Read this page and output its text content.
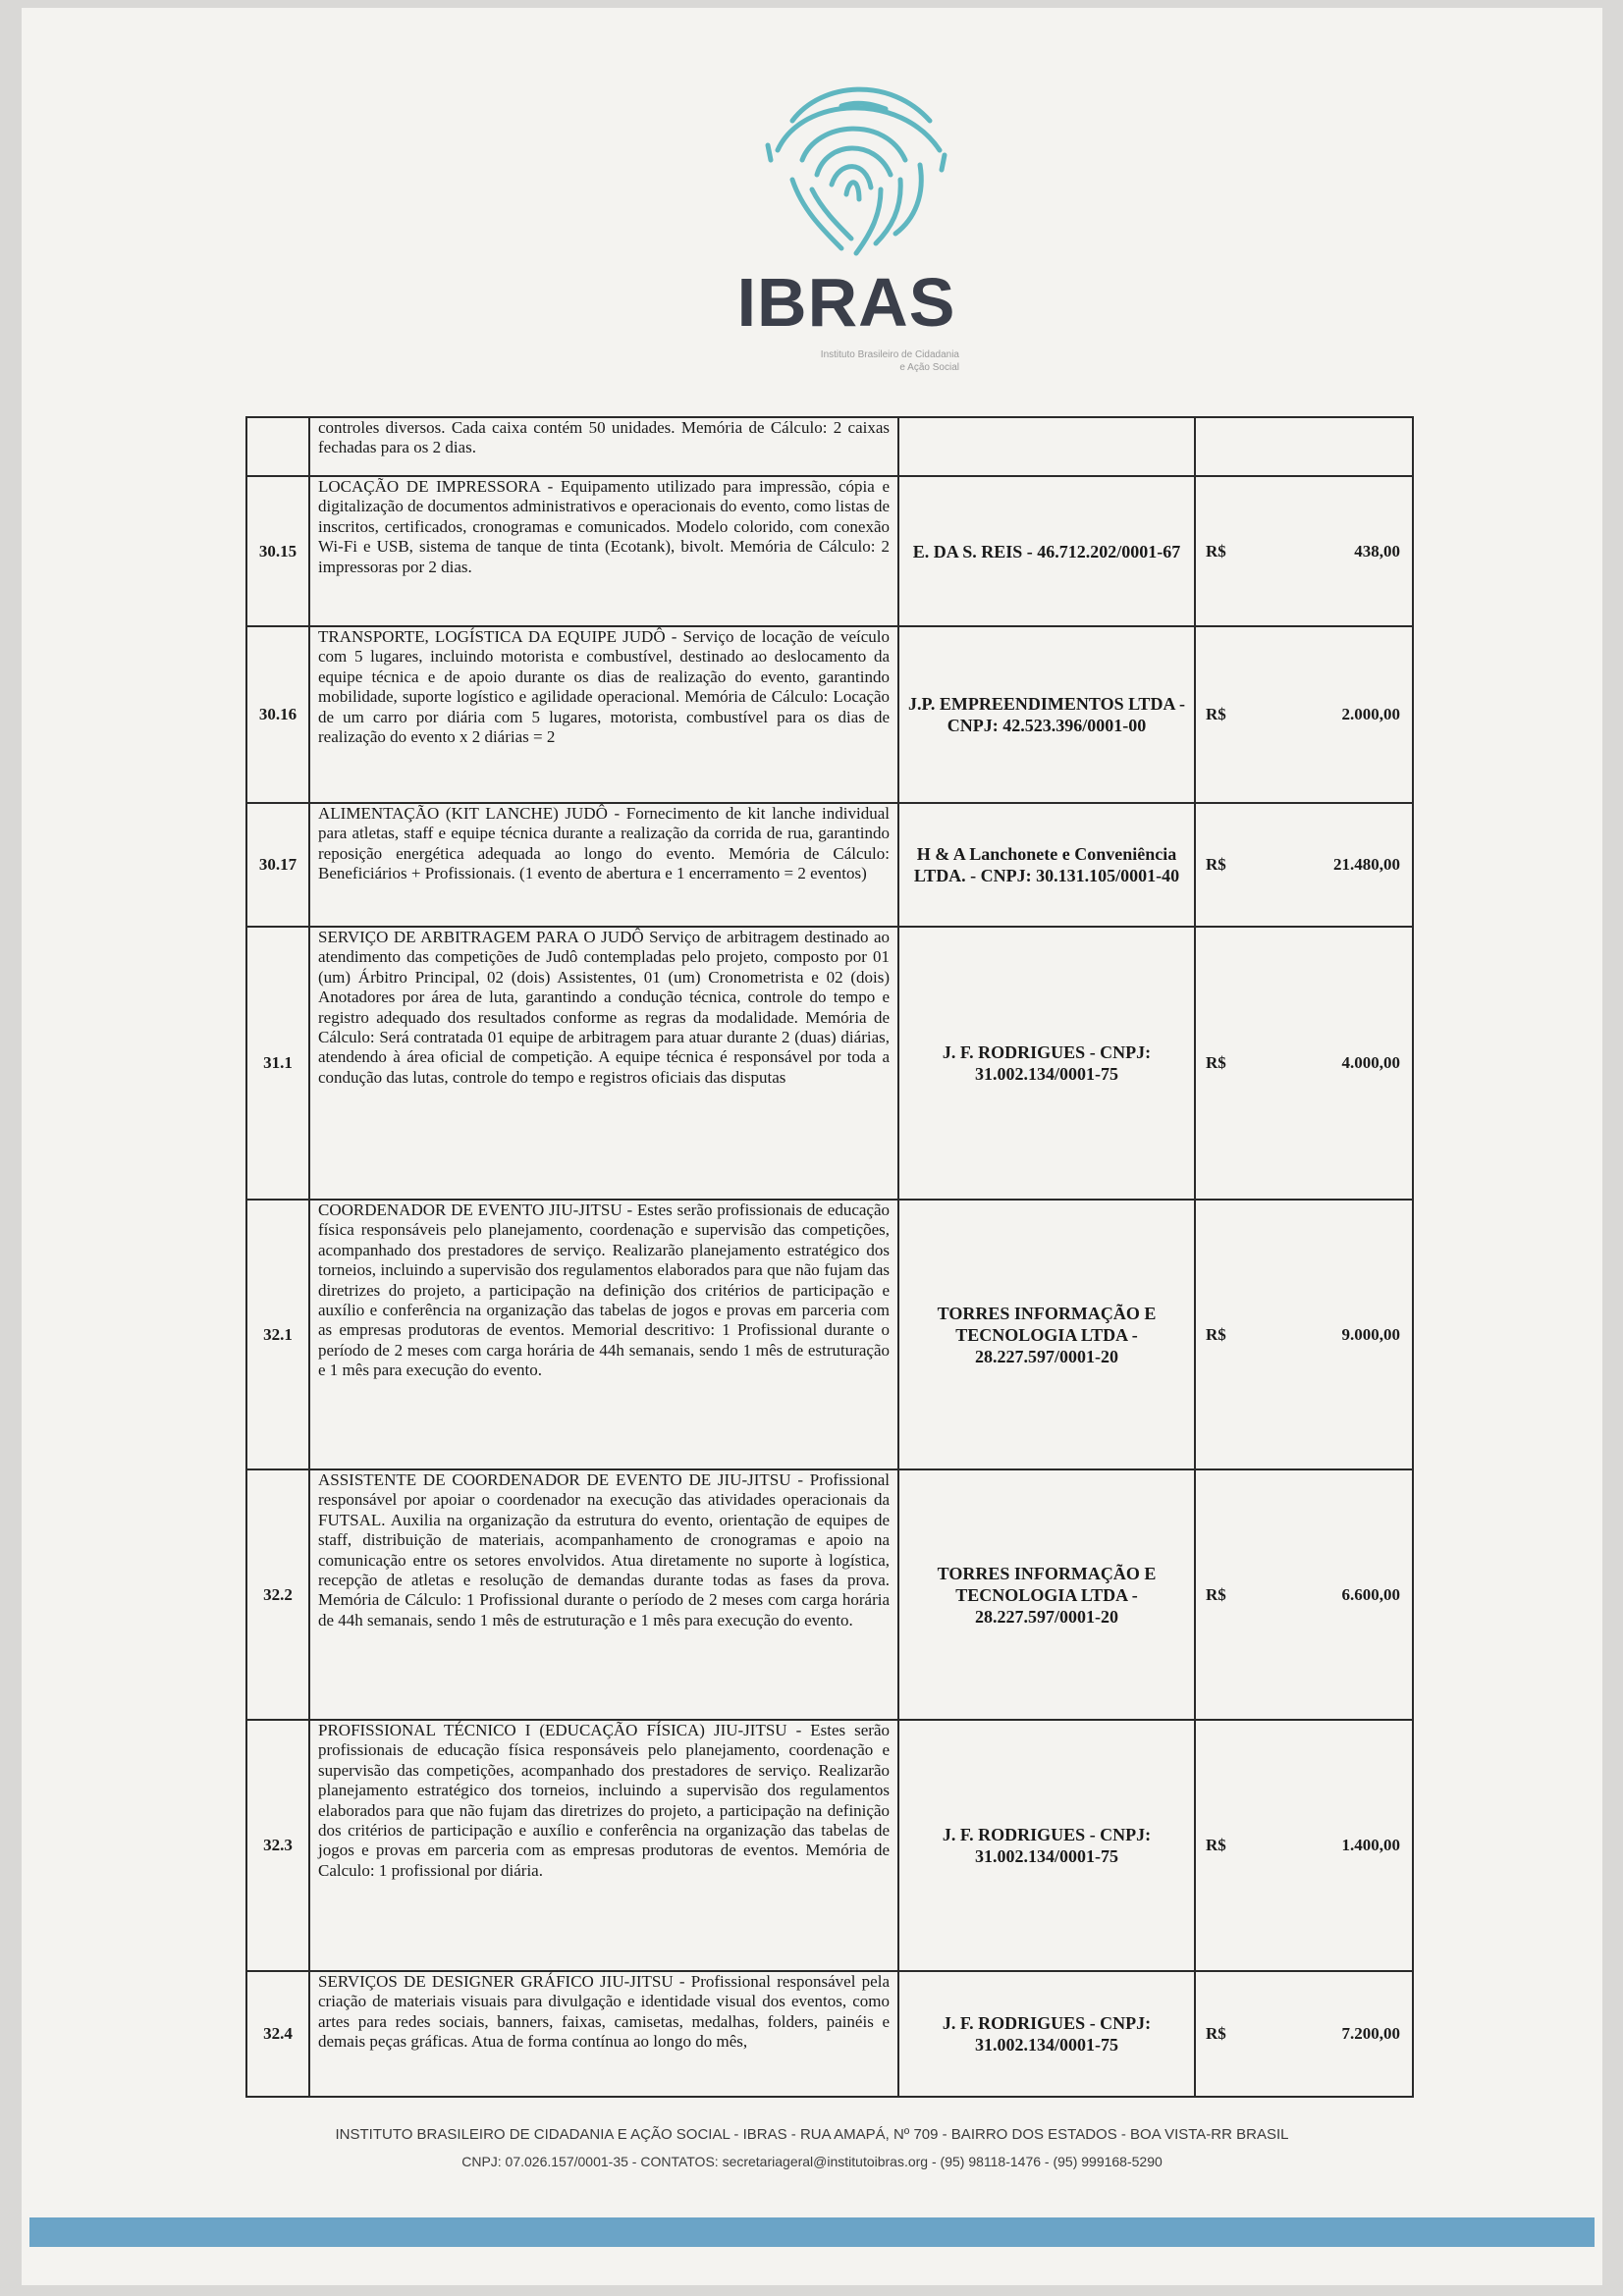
IBRAS
Instituto Brasileiro de Cidadania
e Ação Social
	controles diversos. Cada caixa contém 50 unidades. Memória de Cálculo: 2 caixas fechadas para os 2 dias.		

30.15	LOCAÇÃO DE IMPRESSORA - Equipamento utilizado para impressão, cópia e digitalização de documentos administrativos e operacionais do evento, como listas de inscritos, certificados, cronogramas e comunicados. Modelo colorido, com conexão Wi-Fi e USB, sistema de tanque de tinta (Ecotank), bivolt. Memória de Cálculo: 2 impressoras por 2 dias.	E. DA S. REIS - 46.712.202/0001-67	R$ 438,00

30.16	TRANSPORTE, LOGÍSTICA DA EQUIPE JUDÔ - Serviço de locação de veículo com 5 lugares, incluindo motorista e combustível, destinado ao deslocamento da equipe técnica e de apoio durante os dias de realização do evento, garantindo mobilidade, suporte logístico e agilidade operacional. Memória de Cálculo: Locação de um carro por diária com 5 lugares, motorista, combustível para os dias de realização do evento x 2 diárias = 2	J.P. EMPREENDIMENTOS LTDA - CNPJ: 42.523.396/0001-00	R$ 2.000,00

30.17	ALIMENTAÇÃO (KIT LANCHE) JUDÔ - Fornecimento de kit lanche individual para atletas, staff e equipe técnica durante a realização da corrida de rua, garantindo reposição energética adequada ao longo do evento. Memória de Cálculo: Beneficiários + Profissionais. (1 evento de abertura e 1 encerramento = 2 eventos)	H & A Lanchonete e Conveniência LTDA. - CNPJ: 30.131.105/0001-40	R$ 21.480,00

31.1	SERVIÇO DE ARBITRAGEM PARA O JUDÔ Serviço de arbitragem destinado ao atendimento das competições de Judô contempladas pelo projeto, composto por 01 (um) Árbitro Principal, 02 (dois) Assistentes, 01 (um) Cronometrista e 02 (dois) Anotadores por área de luta, garantindo a condução técnica, controle do tempo e registro adequado dos resultados conforme as regras da modalidade. Memória de Cálculo: Será contratada 01 equipe de arbitragem para atuar durante 2 (duas) diárias, atendendo à área oficial de competição. A equipe técnica é responsável por toda a condução das lutas, controle do tempo e registros oficiais das disputas	J. F. RODRIGUES - CNPJ: 31.002.134/0001-75	R$ 4.000,00

32.1	COORDENADOR DE EVENTO JIU-JITSU - Estes serão profissionais de educação física responsáveis pelo planejamento, coordenação e supervisão das competições, acompanhado dos prestadores de serviço. Realizarão planejamento estratégico dos torneios, incluindo a supervisão dos regulamentos elaborados para que não fujam das diretrizes do projeto, a participação na definição dos critérios de participação e auxílio e conferência na organização das tabelas de jogos e provas em parceria com as empresas produtoras de eventos. Memorial descritivo: 1 Profissional durante o período de 2 meses com carga horária de 44h semanais, sendo 1 mês de estruturação e 1 mês para execução do evento.	TORRES INFORMAÇÃO E TECNOLOGIA LTDA - 28.227.597/0001-20	R$ 9.000,00

32.2	ASSISTENTE DE COORDENADOR DE EVENTO DE JIU-JITSU - Profissional responsável por apoiar o coordenador na execução das atividades operacionais da FUTSAL. Auxilia na organização da estrutura do evento, orientação de equipes de staff, distribuição de materiais, acompanhamento de cronogramas e apoio na comunicação entre os setores envolvidos. Atua diretamente no suporte à logística, recepção de atletas e resolução de demandas durante todas as fases da prova. Memória de Cálculo: 1 Profissional durante o período de 2 meses com carga horária de 44h semanais, sendo 1 mês de estruturação e 1 mês para execução do evento.	TORRES INFORMAÇÃO E TECNOLOGIA LTDA - 28.227.597/0001-20	R$ 6.600,00

32.3	PROFISSIONAL TÉCNICO I (EDUCAÇÃO FÍSICA) JIU-JITSU - Estes serão profissionais de educação física responsáveis pelo planejamento, coordenação e supervisão das competições, acompanhado dos prestadores de serviço. Realizarão planejamento estratégico dos torneios, incluindo a supervisão dos regulamentos elaborados para que não fujam das diretrizes do projeto, a participação na definição dos critérios de participação e auxílio e conferência na organização das tabelas de jogos e provas em parceria com as empresas produtoras de eventos. Memória de Calculo: 1 profissional por diária.	J. F. RODRIGUES - CNPJ: 31.002.134/0001-75	R$ 1.400,00

32.4	SERVIÇOS DE DESIGNER GRÁFICO JIU-JITSU - Profissional responsável pela criação de materiais visuais para divulgação e identidade visual dos eventos, como artes para redes sociais, banners, faixas, camisetas, medalhas, folders, painéis e demais peças gráficas. Atua de forma contínua ao longo do mês,	J. F. RODRIGUES - CNPJ: 31.002.134/0001-75	R$ 7.200,00
INSTITUTO BRASILEIRO DE CIDADANIA E AÇÃO SOCIAL - IBRAS - RUA AMAPÁ, Nº 709 - BAIRRO DOS ESTADOS - BOA VISTA-RR BRASIL
CNPJ: 07.026.157/0001-35 - CONTATOS: secretariageral@institutoibras.org - (95) 98118-1476 - (95) 999168-5290
